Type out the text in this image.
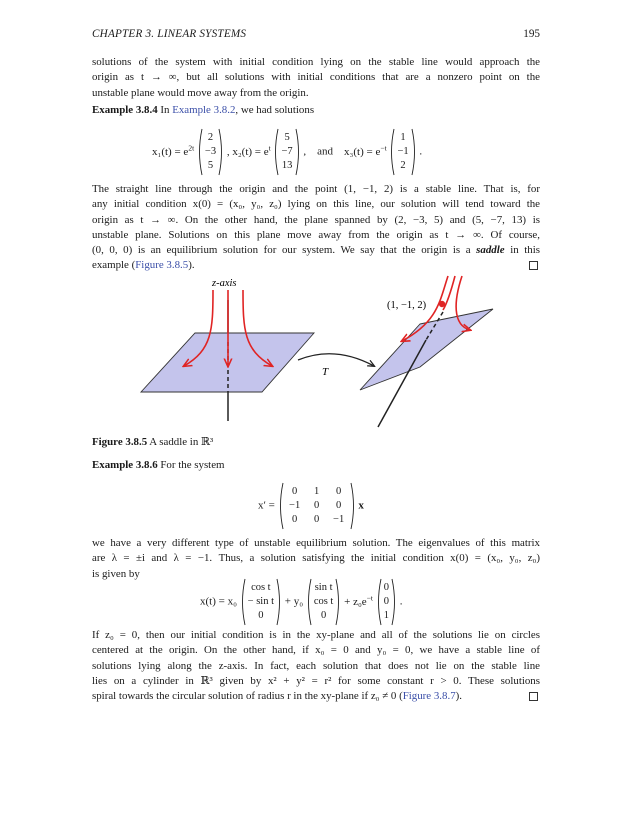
CHAPTER 3. LINEAR SYSTEMS	195
solutions of the system with initial condition lying on the stable line would approach the
origin as t → ∞, but all solutions with initial conditions that are a nonzero point on the
unstable plane would move away from the origin.
Example 3.8.4 In Example 3.8.2, we had solutions
$x_1(t) = e^{2t}$
2
−3
5
, $x_2(t) = e^t$
5
−7
13
,    and $x_3(t) = e^{-t}$
1
−1
2
.
The straight line through the origin and the point (1, −1, 2) is a stable line. That is, for
any initial condition x(0) = (x₀, y₀, z₀) lying on this line, our solution will tend toward the
origin as t → ∞. On the other hand, the plane spanned by (2, −3, 5) and (5, −7, 13) is
unstable plane. Solutions on this plane move away from the origin as t → ∞. Of course,
(0, 0, 0) is an equilibrium solution for our system. We say that the origin is a saddle in this
example (Figure 3.8.5).
z-axis
T
(1, −1, 2)
Figure 3.8.5 A saddle in ℝ³
Example 3.8.6 For the system
x′ =
0	1	0
−1	0	0
0	0	−1
x
we have a very different type of unstable equilibrium solution. The eigenvalues of this matrix
are λ = ±i and λ = −1. Thus, a solution satisfying the initial condition x(0) = (x₀, y₀, z₀)
is given by
x(t) = x₀
cos t
− sin t
0
+ y₀
sin t
cos t
0
+ $z_0e^{-t}$
0
0
1
.
If z₀ = 0, then our initial condition is in the xy-plane and all of the solutions lie on circles
centered at the origin. On the other hand, if x₀ = 0 and y₀ = 0, we have a stable line of
solutions lying along the z-axis. In fact, each solution that does not lie on the stable line
lies on a cylinder in ℝ³ given by x² + y² = r² for some constant r > 0. These solutions
spiral towards the circular solution of radius r in the xy-plane if z₀ ≠ 0 (Figure 3.8.7).
